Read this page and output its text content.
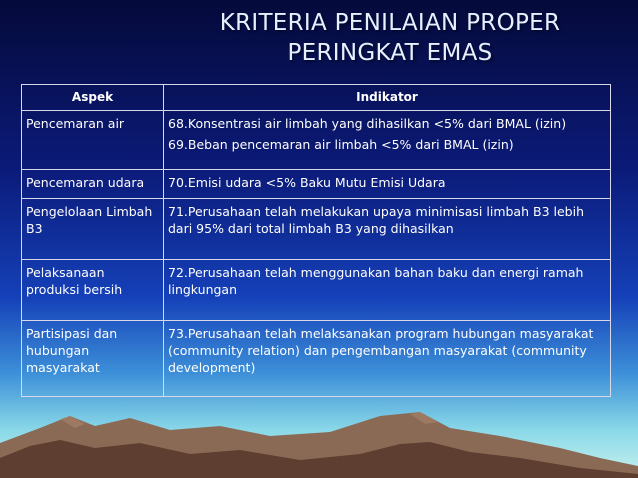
KRITERIA PENILAIAN PROPER
PERINGKAT EMAS
Aspek	Indikator
Pencemaran air	68.Konsentrasi air limbah yang dihasilkan <5% dari BMAL (izin)
69.Beban pencemaran air limbah <5% dari BMAL (izin)

Pencemaran udara	70.Emisi udara <5% Baku Mutu Emisi Udara

Pengelolaan Limbah B3	71.Perusahaan telah melakukan upaya minimisasi limbah B3 lebih dari 95% dari total limbah B3 yang dihasilkan

Pelaksanaan produksi bersih	72.Perusahaan telah menggunakan bahan baku dan energi ramah lingkungan

Partisipasi dan hubungan masyarakat	73.Perusahaan telah melaksanakan program hubungan masyarakat (community relation) dan pengembangan masyarakat (community development)
